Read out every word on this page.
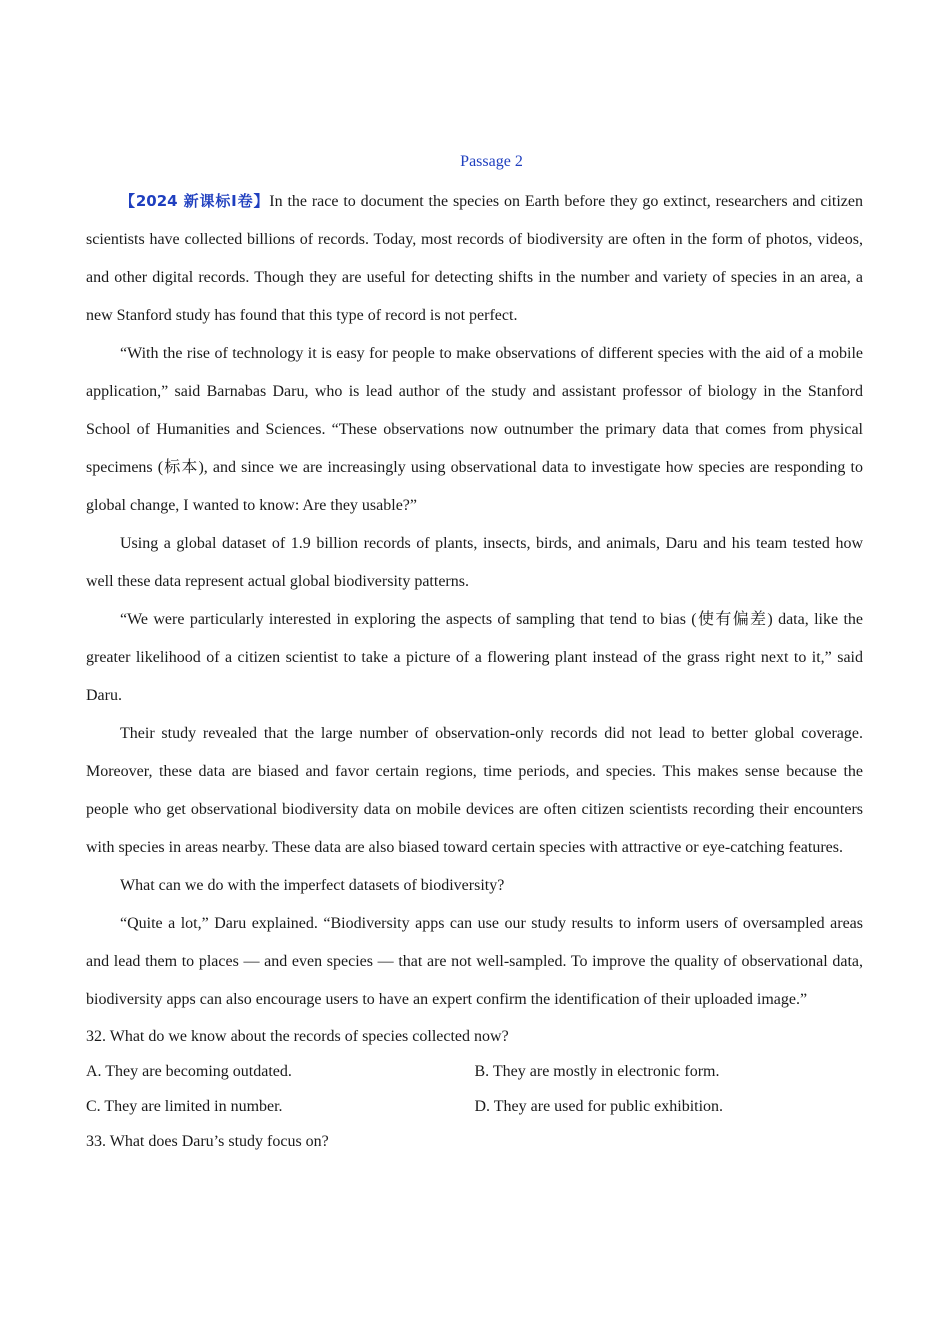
Passage 2

【2024 新课标Ⅰ卷】In the race to document the species on Earth before they go extinct, researchers and citizen scientists have collected billions of records. Today, most records of biodiversity are often in the form of photos, videos, and other digital records. Though they are useful for detecting shifts in the number and variety of species in an area, a new Stanford study has found that this type of record is not perfect.

“With the rise of technology it is easy for people to make observations of different species with the aid of a mobile application,” said Barnabas Daru, who is lead author of the study and assistant professor of biology in the Stanford School of Humanities and Sciences. “These observations now outnumber the primary data that comes from physical specimens (标本), and since we are increasingly using observational data to investigate how species are responding to global change, I wanted to know: Are they usable?”

Using a global dataset of 1.9 billion records of plants, insects, birds, and animals, Daru and his team tested how well these data represent actual global biodiversity patterns.

“We were particularly interested in exploring the aspects of sampling that tend to bias (使有偏差) data, like the greater likelihood of a citizen scientist to take a picture of a flowering plant instead of the grass right next to it,” said Daru.

Their study revealed that the large number of observation-only records did not lead to better global coverage. Moreover, these data are biased and favor certain regions, time periods, and species. This makes sense because the people who get observational biodiversity data on mobile devices are often citizen scientists recording their encounters with species in areas nearby. These data are also biased toward certain species with attractive or eye-catching features.

What can we do with the imperfect datasets of biodiversity?

“Quite a lot,” Daru explained. “Biodiversity apps can use our study results to inform users of oversampled areas and lead them to places — and even species — that are not well-sampled. To improve the quality of observational data, biodiversity apps can also encourage users to have an expert confirm the identification of their uploaded image.”

32. What do we know about the records of species collected now?

A. They are becoming outdated.	B. They are mostly in electronic form.
C. They are limited in number.	D. They are used for public exhibition.

33. What does Daru’s study focus on?
